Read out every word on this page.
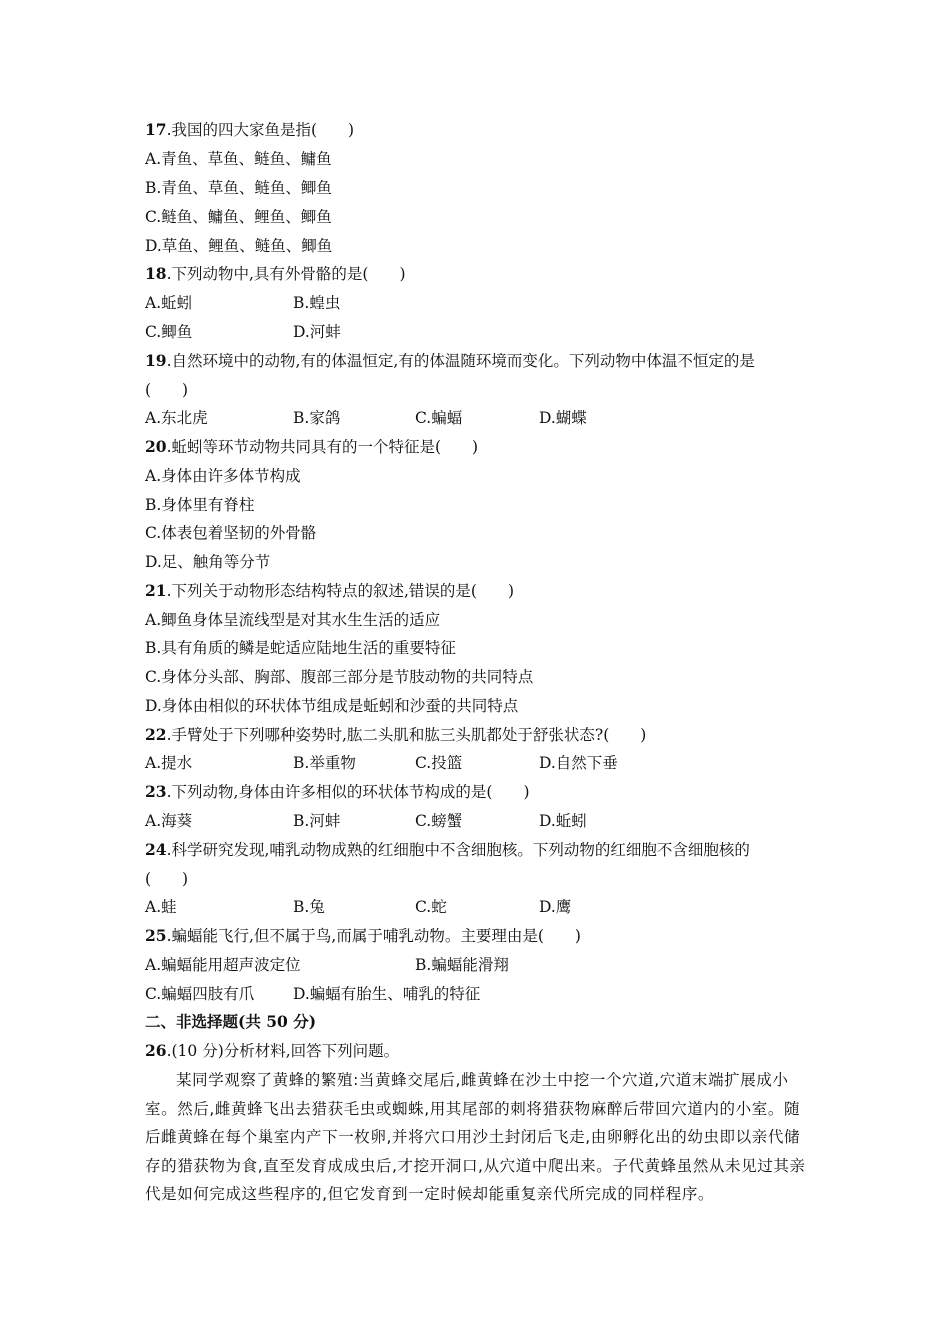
17.我国的四大家鱼是指(　　)
A.青鱼、草鱼、鲢鱼、鳙鱼
B.青鱼、草鱼、鲢鱼、鲫鱼
C.鲢鱼、鳙鱼、鲤鱼、鲫鱼
D.草鱼、鲤鱼、鲢鱼、鲫鱼
18.下列动物中,具有外骨骼的是(　　)
A.蚯蚓	B.蝗虫
C.鲫鱼	D.河蚌
19.自然环境中的动物,有的体温恒定,有的体温随环境而变化。下列动物中体温不恒定的是
(　　)
A.东北虎	B.家鸽	C.蝙蝠	D.蝴蝶
20.蚯蚓等环节动物共同具有的一个特征是(　　)
A.身体由许多体节构成
B.身体里有脊柱
C.体表包着坚韧的外骨骼
D.足、触角等分节
21.下列关于动物形态结构特点的叙述,错误的是(　　)
A.鲫鱼身体呈流线型是对其水生生活的适应
B.具有角质的鳞是蛇适应陆地生活的重要特征
C.身体分头部、胸部、腹部三部分是节肢动物的共同特点
D.身体由相似的环状体节组成是蚯蚓和沙蚕的共同特点
22.手臂处于下列哪种姿势时,肱二头肌和肱三头肌都处于舒张状态?(　　)
A.提水	B.举重物	C.投篮	D.自然下垂
23.下列动物,身体由许多相似的环状体节构成的是(　　)
A.海葵	B.河蚌	C.螃蟹	D.蚯蚓
24.科学研究发现,哺乳动物成熟的红细胞中不含细胞核。下列动物的红细胞不含细胞核的
(　　)
A.蛙	B.兔	C.蛇	D.鹰
25.蝙蝠能飞行,但不属于鸟,而属于哺乳动物。主要理由是(　　)
A.蝙蝠能用超声波定位	B.蝙蝠能滑翔
C.蝙蝠四肢有爪	D.蝙蝠有胎生、哺乳的特征
二、非选择题(共 50 分)
26.(10 分)分析材料,回答下列问题。

某同学观察了黄蜂的繁殖:当黄蜂交尾后,雌黄蜂在沙土中挖一个穴道,穴道末端扩展成小室。然后,雌黄蜂飞出去猎获毛虫或蜘蛛,用其尾部的刺将猎获物麻醉后带回穴道内的小室。随后雌黄蜂在每个巢室内产下一枚卵,并将穴口用沙土封闭后飞走,由卵孵化出的幼虫即以亲代储存的猎获物为食,直至发育成成虫后,才挖开洞口,从穴道中爬出来。子代黄蜂虽然从未见过其亲代是如何完成这些程序的,但它发育到一定时候却能重复亲代所完成的同样程序。
